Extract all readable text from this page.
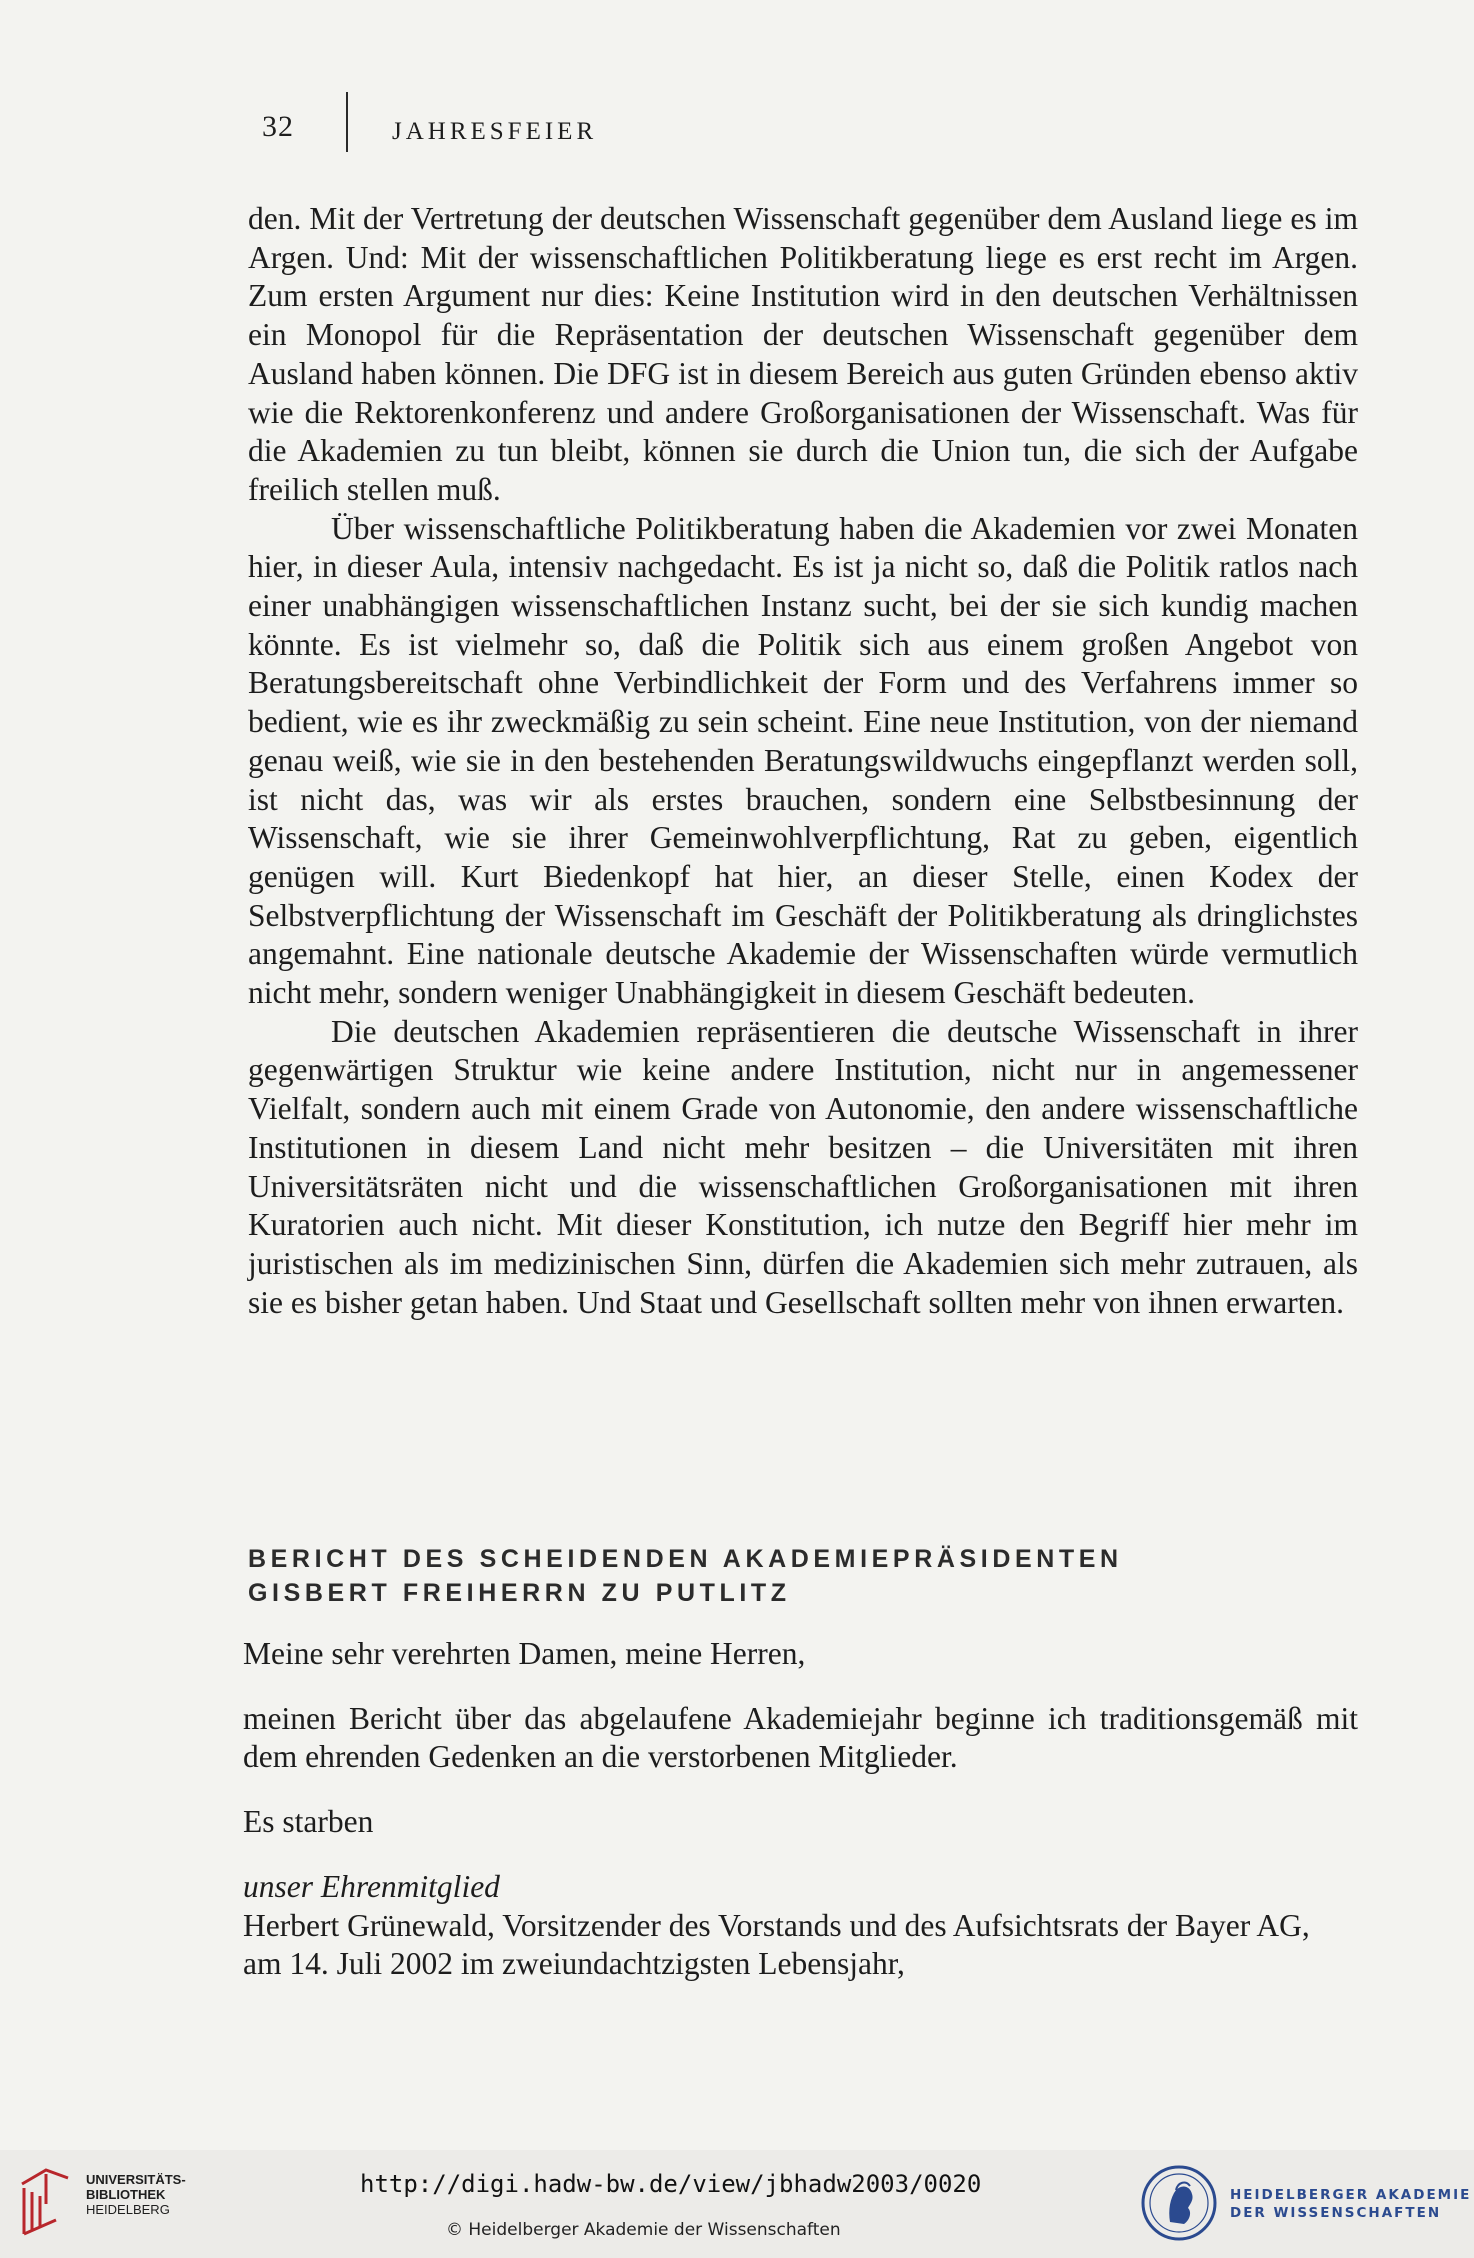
32	JAHRESFEIER

den. Mit der Vertretung der deutschen Wissenschaft gegenüber dem Ausland liege es im Argen. Und: Mit der wissenschaftlichen Politikberatung liege es erst recht im Argen. Zum ersten Argument nur dies: Keine Institution wird in den deutschen Verhältnissen ein Monopol für die Repräsentation der deutschen Wissenschaft gegenüber dem Ausland haben können. Die DFG ist in diesem Bereich aus guten Gründen ebenso aktiv wie die Rektorenkonferenz und andere Großorganisationen der Wissenschaft. Was für die Akademien zu tun bleibt, können sie durch die Union tun, die sich der Aufgabe freilich stellen muß.

Über wissenschaftliche Politikberatung haben die Akademien vor zwei Monaten hier, in dieser Aula, intensiv nachgedacht. Es ist ja nicht so, daß die Politik ratlos nach einer unabhängigen wissenschaftlichen Instanz sucht, bei der sie sich kundig machen könnte. Es ist vielmehr so, daß die Politik sich aus einem großen Angebot von Beratungsbereitschaft ohne Verbindlichkeit der Form und des Verfahrens immer so bedient, wie es ihr zweckmäßig zu sein scheint. Eine neue Institution, von der niemand genau weiß, wie sie in den bestehenden Beratungswildwuchs eingepflanzt werden soll, ist nicht das, was wir als erstes brauchen, sondern eine Selbstbesinnung der Wissenschaft, wie sie ihrer Gemeinwohlverpflichtung, Rat zu geben, eigentlich genügen will. Kurt Biedenkopf hat hier, an dieser Stelle, einen Kodex der Selbstverpflichtung der Wissenschaft im Geschäft der Politikberatung als dringlichstes angemahnt. Eine nationale deutsche Akademie der Wissenschaften würde vermutlich nicht mehr, sondern weniger Unabhängigkeit in diesem Geschäft bedeuten.

Die deutschen Akademien repräsentieren die deutsche Wissenschaft in ihrer gegenwärtigen Struktur wie keine andere Institution, nicht nur in angemessener Vielfalt, sondern auch mit einem Grade von Autonomie, den andere wissenschaftliche Institutionen in diesem Land nicht mehr besitzen – die Universitäten mit ihren Universitätsräten nicht und die wissenschaftlichen Großorganisationen mit ihren Kuratorien auch nicht. Mit dieser Konstitution, ich nutze den Begriff hier mehr im juristischen als im medizinischen Sinn, dürfen die Akademien sich mehr zutrauen, als sie es bisher getan haben. Und Staat und Gesellschaft sollten mehr von ihnen erwarten.

BERICHT DES SCHEIDENDEN AKADEMIEPRÄSIDENTEN
GISBERT FREIHERRN ZU PUTLITZ

Meine sehr verehrten Damen, meine Herren,

meinen Bericht über das abgelaufene Akademiejahr beginne ich traditionsgemäß mit dem ehrenden Gedenken an die verstorbenen Mitglieder.

Es starben

unser Ehrenmitglied

Herbert Grünewald, Vorsitzender des Vorstands und des Aufsichtsrats der Bayer AG,

am 14. Juli 2002 im zweiundachtzigsten Lebensjahr,

UNIVERSITÄTS-
BIBLIOTHEK
HEIDELBERG
http://digi.hadw-bw.de/view/jbhadw2003/0020
© Heidelberger Akademie der Wissenschaften
HEIDELBERGER AKADEMIE
DER WISSENSCHAFTEN
